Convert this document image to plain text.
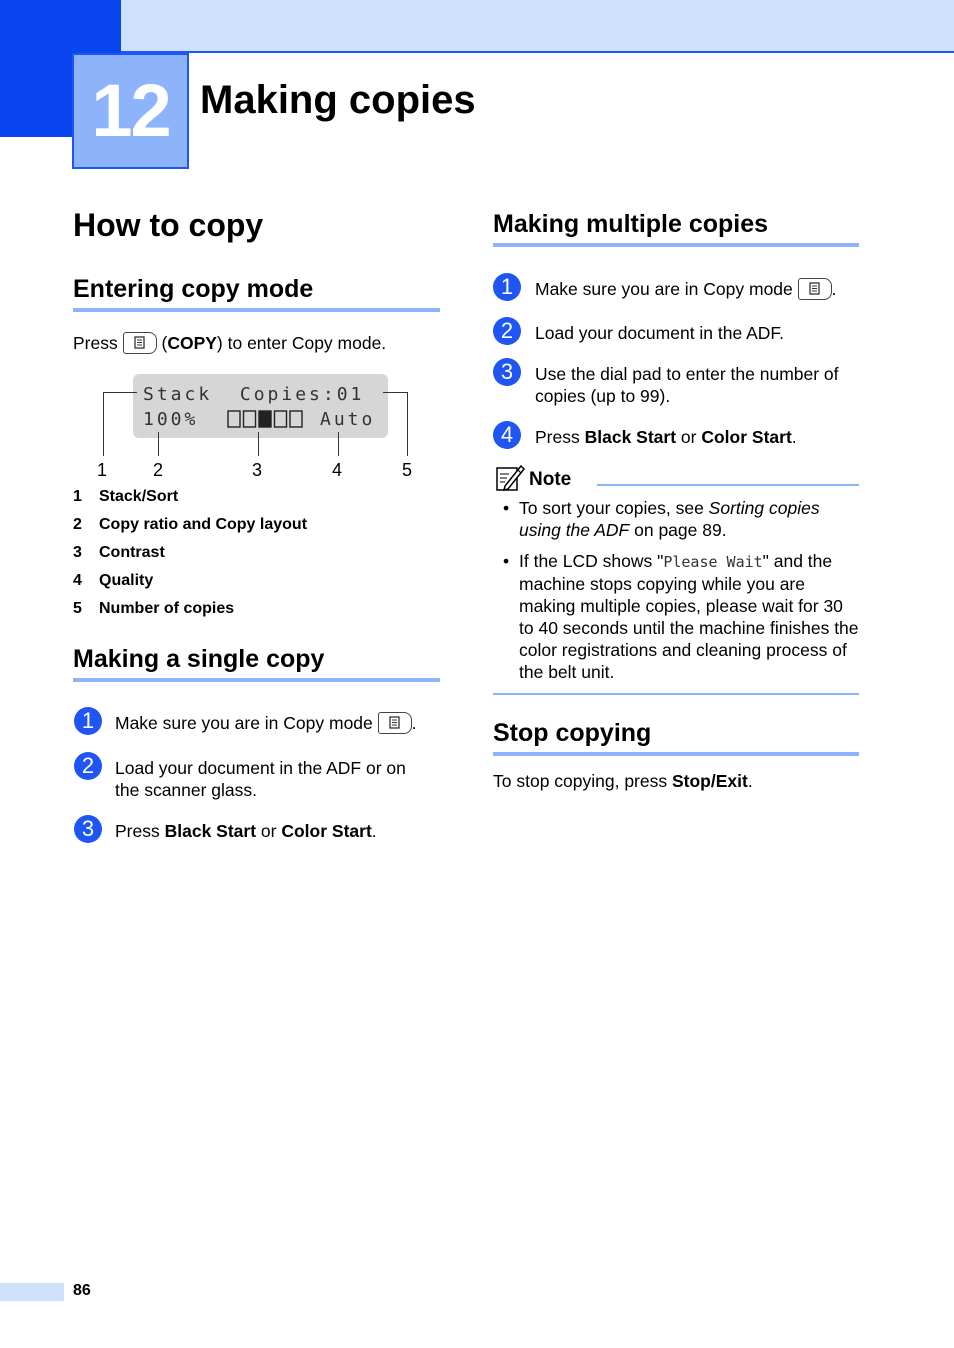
12 Making copies
How to copy
Entering copy mode
Press	(COPY) to enter Copy mode.
Stack  Copies:01
100%	Auto
1	2	3	4	5
1 Stack/Sort
2 Copy ratio and Copy layout
3 Contrast
4 Quality
5 Number of copies
Making a single copy
1	Make sure you are in Copy mode .
2	Load your document in the ADF or on the scanner glass.
3	Press Black Start or Color Start.
Making multiple copies
1	Make sure you are in Copy mode .
2	Load your document in the ADF.
3	Use the dial pad to enter the number of copies (up to 99).
4	Press Black Start or Color Start.
Note
• To sort your copies, see Sorting copies using the ADF on page 89.
• If the LCD shows "Please Wait" and the machine stops copying while you are making multiple copies, please wait for 30 to 40 seconds until the machine finishes the color registrations and cleaning process of the belt unit.
Stop copying
To stop copying, press Stop/Exit.
86
